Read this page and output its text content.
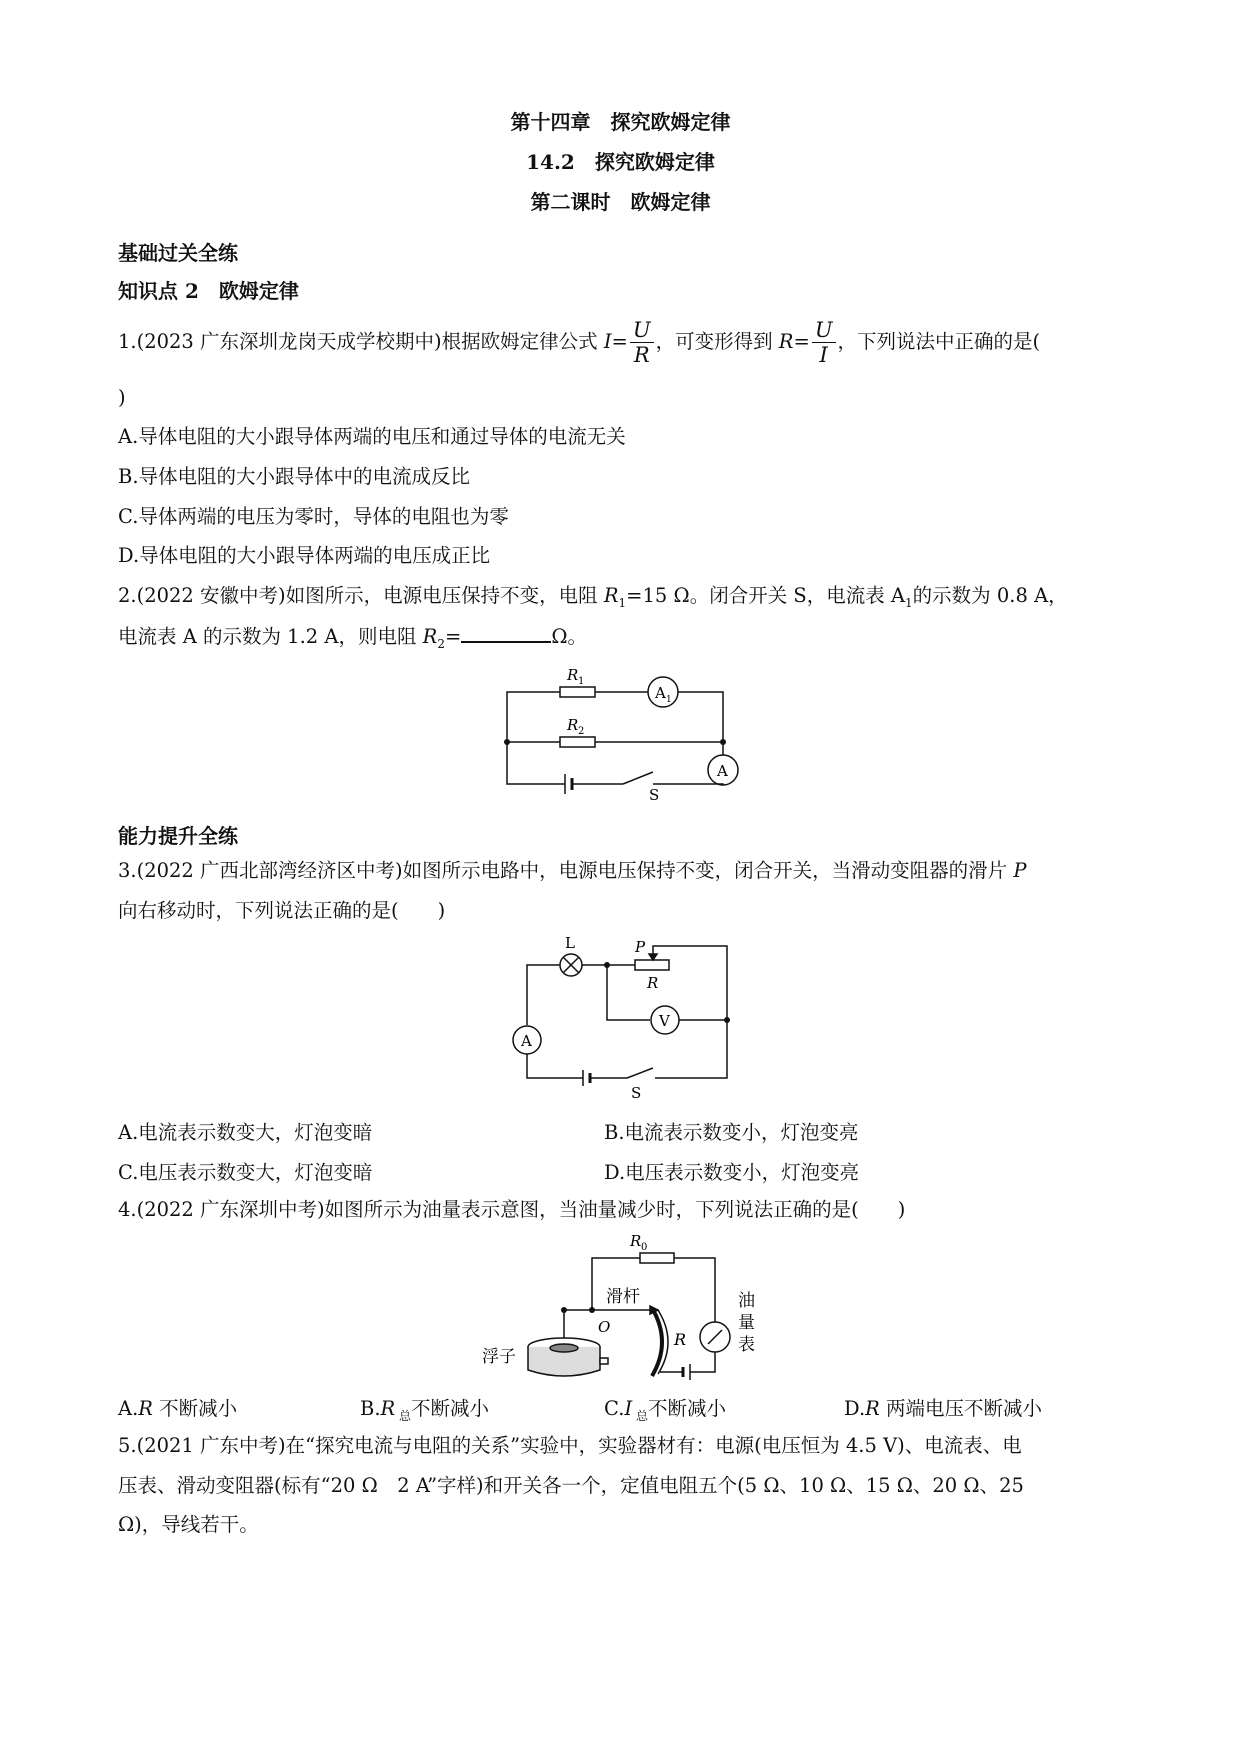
第十四章　探究欧姆定律
14.2　探究欧姆定律
第二课时　欧姆定律
基础过关全练
知识点 2　欧姆定律
1.(2023 广东深圳龙岗天成学校期中)根据欧姆定律公式 $I= \frac{U}{R}$ ，可变形得到 $R= \frac{U}{I}$ ，下列说法中正确的是(
)
A.导体电阻的大小跟导体两端的电压和通过导体的电流无关
B.导体电阻的大小跟导体中的电流成反比
C.导体两端的电压为零时，导体的电阻也为零
D.导体电阻的大小跟导体两端的电压成正比
2.(2022 安徽中考)如图所示，电源电压保持不变，电阻 $R_1=15$ Ω。闭合开关 S，电流表 $A_1$的示数为 0.8 A，
电流表 A 的示数为 1.2 A，则电阻 $R_2=$	Ω。
R 1
R 2
A 1
A
S
能力提升全练
3.(2022 广西北部湾经济区中考)如图所示电路中，电源电压保持不变，闭合开关，当滑动变阻器的滑片 P
向右移动时，下列说法正确的是(　　)
L	P
R
V
A
S
A.电流表示数变大，灯泡变暗	B.电流表示数变小，灯泡变亮
C.电压表示数变大，灯泡变暗	D.电压表示数变小，灯泡变亮
4.(2022 广东深圳中考)如图所示为油量表示意图，当油量减少时，下列说法正确的是(　　)
R 0
滑杆
R
O
浮子
油
量
表
A.R 不断减小	B.R $_总$不断减小	C.I $_总$不断减小	D.R 两端电压不断减小
5.(2021 广东中考)在“探究电流与电阻的关系”实验中，实验器材有：电源(电压恒为 4.5 V)、电流表、电
压表、滑动变阻器(标有“20 Ω　2 A”字样)和开关各一个，定值电阻五个(5 Ω、10 Ω、15 Ω、20 Ω、25
Ω)，导线若干。
